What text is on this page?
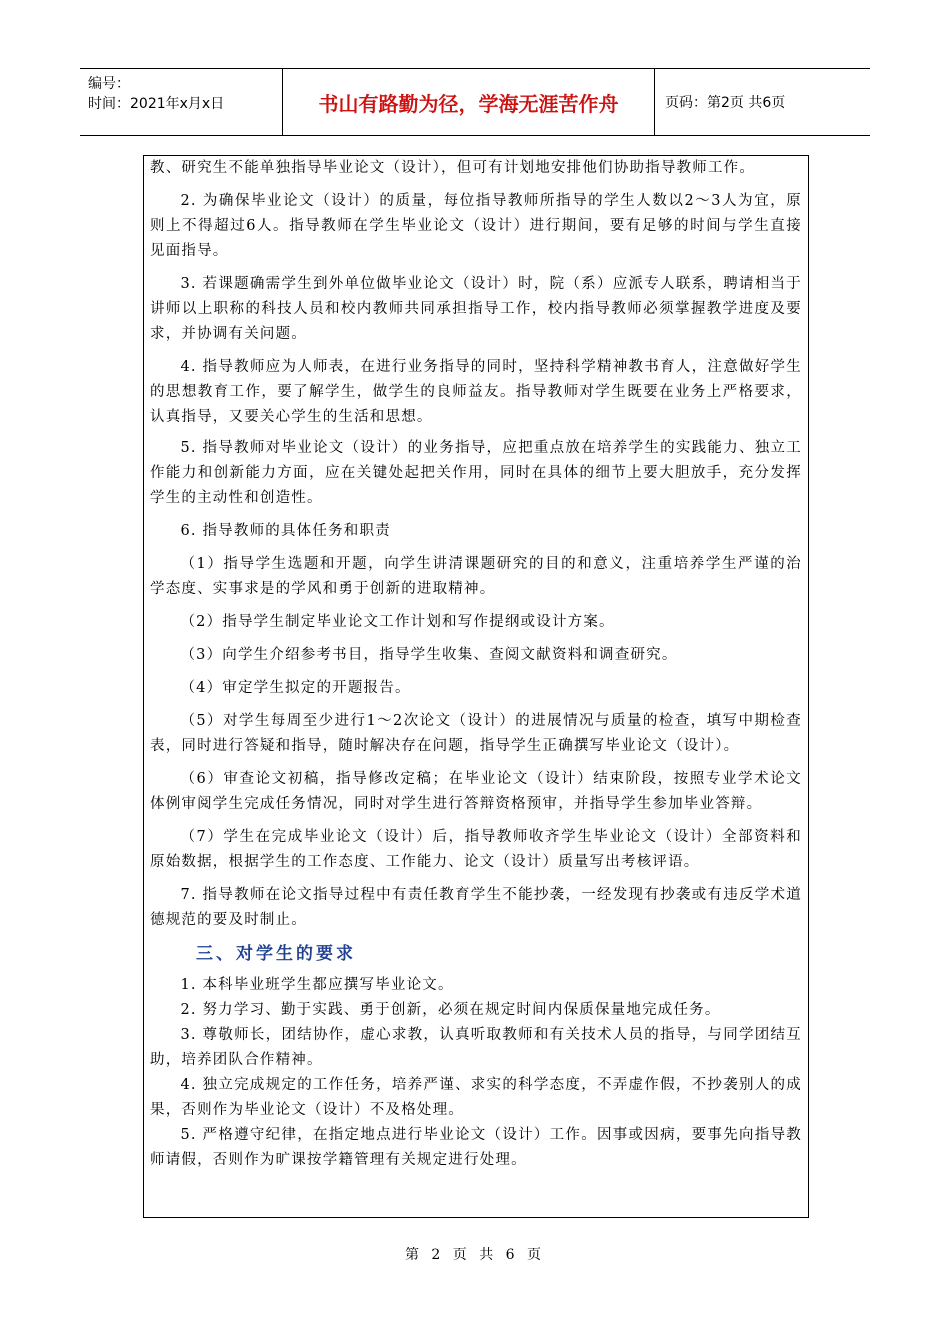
编号：
时间：2021年x月x日	书山有路勤为径，学海无涯苦作舟	页码：第2页 共6页

教、研究生不能单独指导毕业论文（设计），但可有计划地安排他们协助指导教师工作。

2. 为确保毕业论文（设计）的质量，每位指导教师所指导的学生人数以2～3人为宜，原则上不得超过6人。指导教师在学生毕业论文（设计）进行期间，要有足够的时间与学生直接见面指导。

3. 若课题确需学生到外单位做毕业论文（设计）时，院（系）应派专人联系，聘请相当于讲师以上职称的科技人员和校内教师共同承担指导工作，校内指导教师必须掌握教学进度及要求，并协调有关问题。

4. 指导教师应为人师表，在进行业务指导的同时，坚持科学精神教书育人，注意做好学生的思想教育工作，要了解学生，做学生的良师益友。指导教师对学生既要在业务上严格要求，认真指导，又要关心学生的生活和思想。

5. 指导教师对毕业论文（设计）的业务指导，应把重点放在培养学生的实践能力、独立工作能力和创新能力方面，应在关键处起把关作用，同时在具体的细节上要大胆放手，充分发挥学生的主动性和创造性。

6. 指导教师的具体任务和职责

（1）指导学生选题和开题，向学生讲清课题研究的目的和意义，注重培养学生严谨的治学态度、实事求是的学风和勇于创新的进取精神。

（2）指导学生制定毕业论文工作计划和写作提纲或设计方案。

（3）向学生介绍参考书目，指导学生收集、查阅文献资料和调查研究。

（4）审定学生拟定的开题报告。

（5）对学生每周至少进行1～2次论文（设计）的进展情况与质量的检查，填写中期检查表，同时进行答疑和指导，随时解决存在问题，指导学生正确撰写毕业论文（设计）。

（6）审查论文初稿，指导修改定稿；在毕业论文（设计）结束阶段，按照专业学术论文体例审阅学生完成任务情况，同时对学生进行答辩资格预审，并指导学生参加毕业答辩。

（7）学生在完成毕业论文（设计）后，指导教师收齐学生毕业论文（设计）全部资料和原始数据，根据学生的工作态度、工作能力、论文（设计）质量写出考核评语。

7. 指导教师在论文指导过程中有责任教育学生不能抄袭，一经发现有抄袭或有违反学术道德规范的要及时制止。

三、对学生的要求

1. 本科毕业班学生都应撰写毕业论文。

2. 努力学习、勤于实践、勇于创新，必须在规定时间内保质保量地完成任务。

3. 尊敬师长，团结协作，虚心求教，认真听取教师和有关技术人员的指导，与同学团结互助，培养团队合作精神。

4. 独立完成规定的工作任务，培养严谨、求实的科学态度，不弄虚作假，不抄袭别人的成果，否则作为毕业论文（设计）不及格处理。

5. 严格遵守纪律，在指定地点进行毕业论文（设计）工作。因事或因病，要事先向指导教师请假，否则作为旷课按学籍管理有关规定进行处理。

第 2 页 共 6 页
